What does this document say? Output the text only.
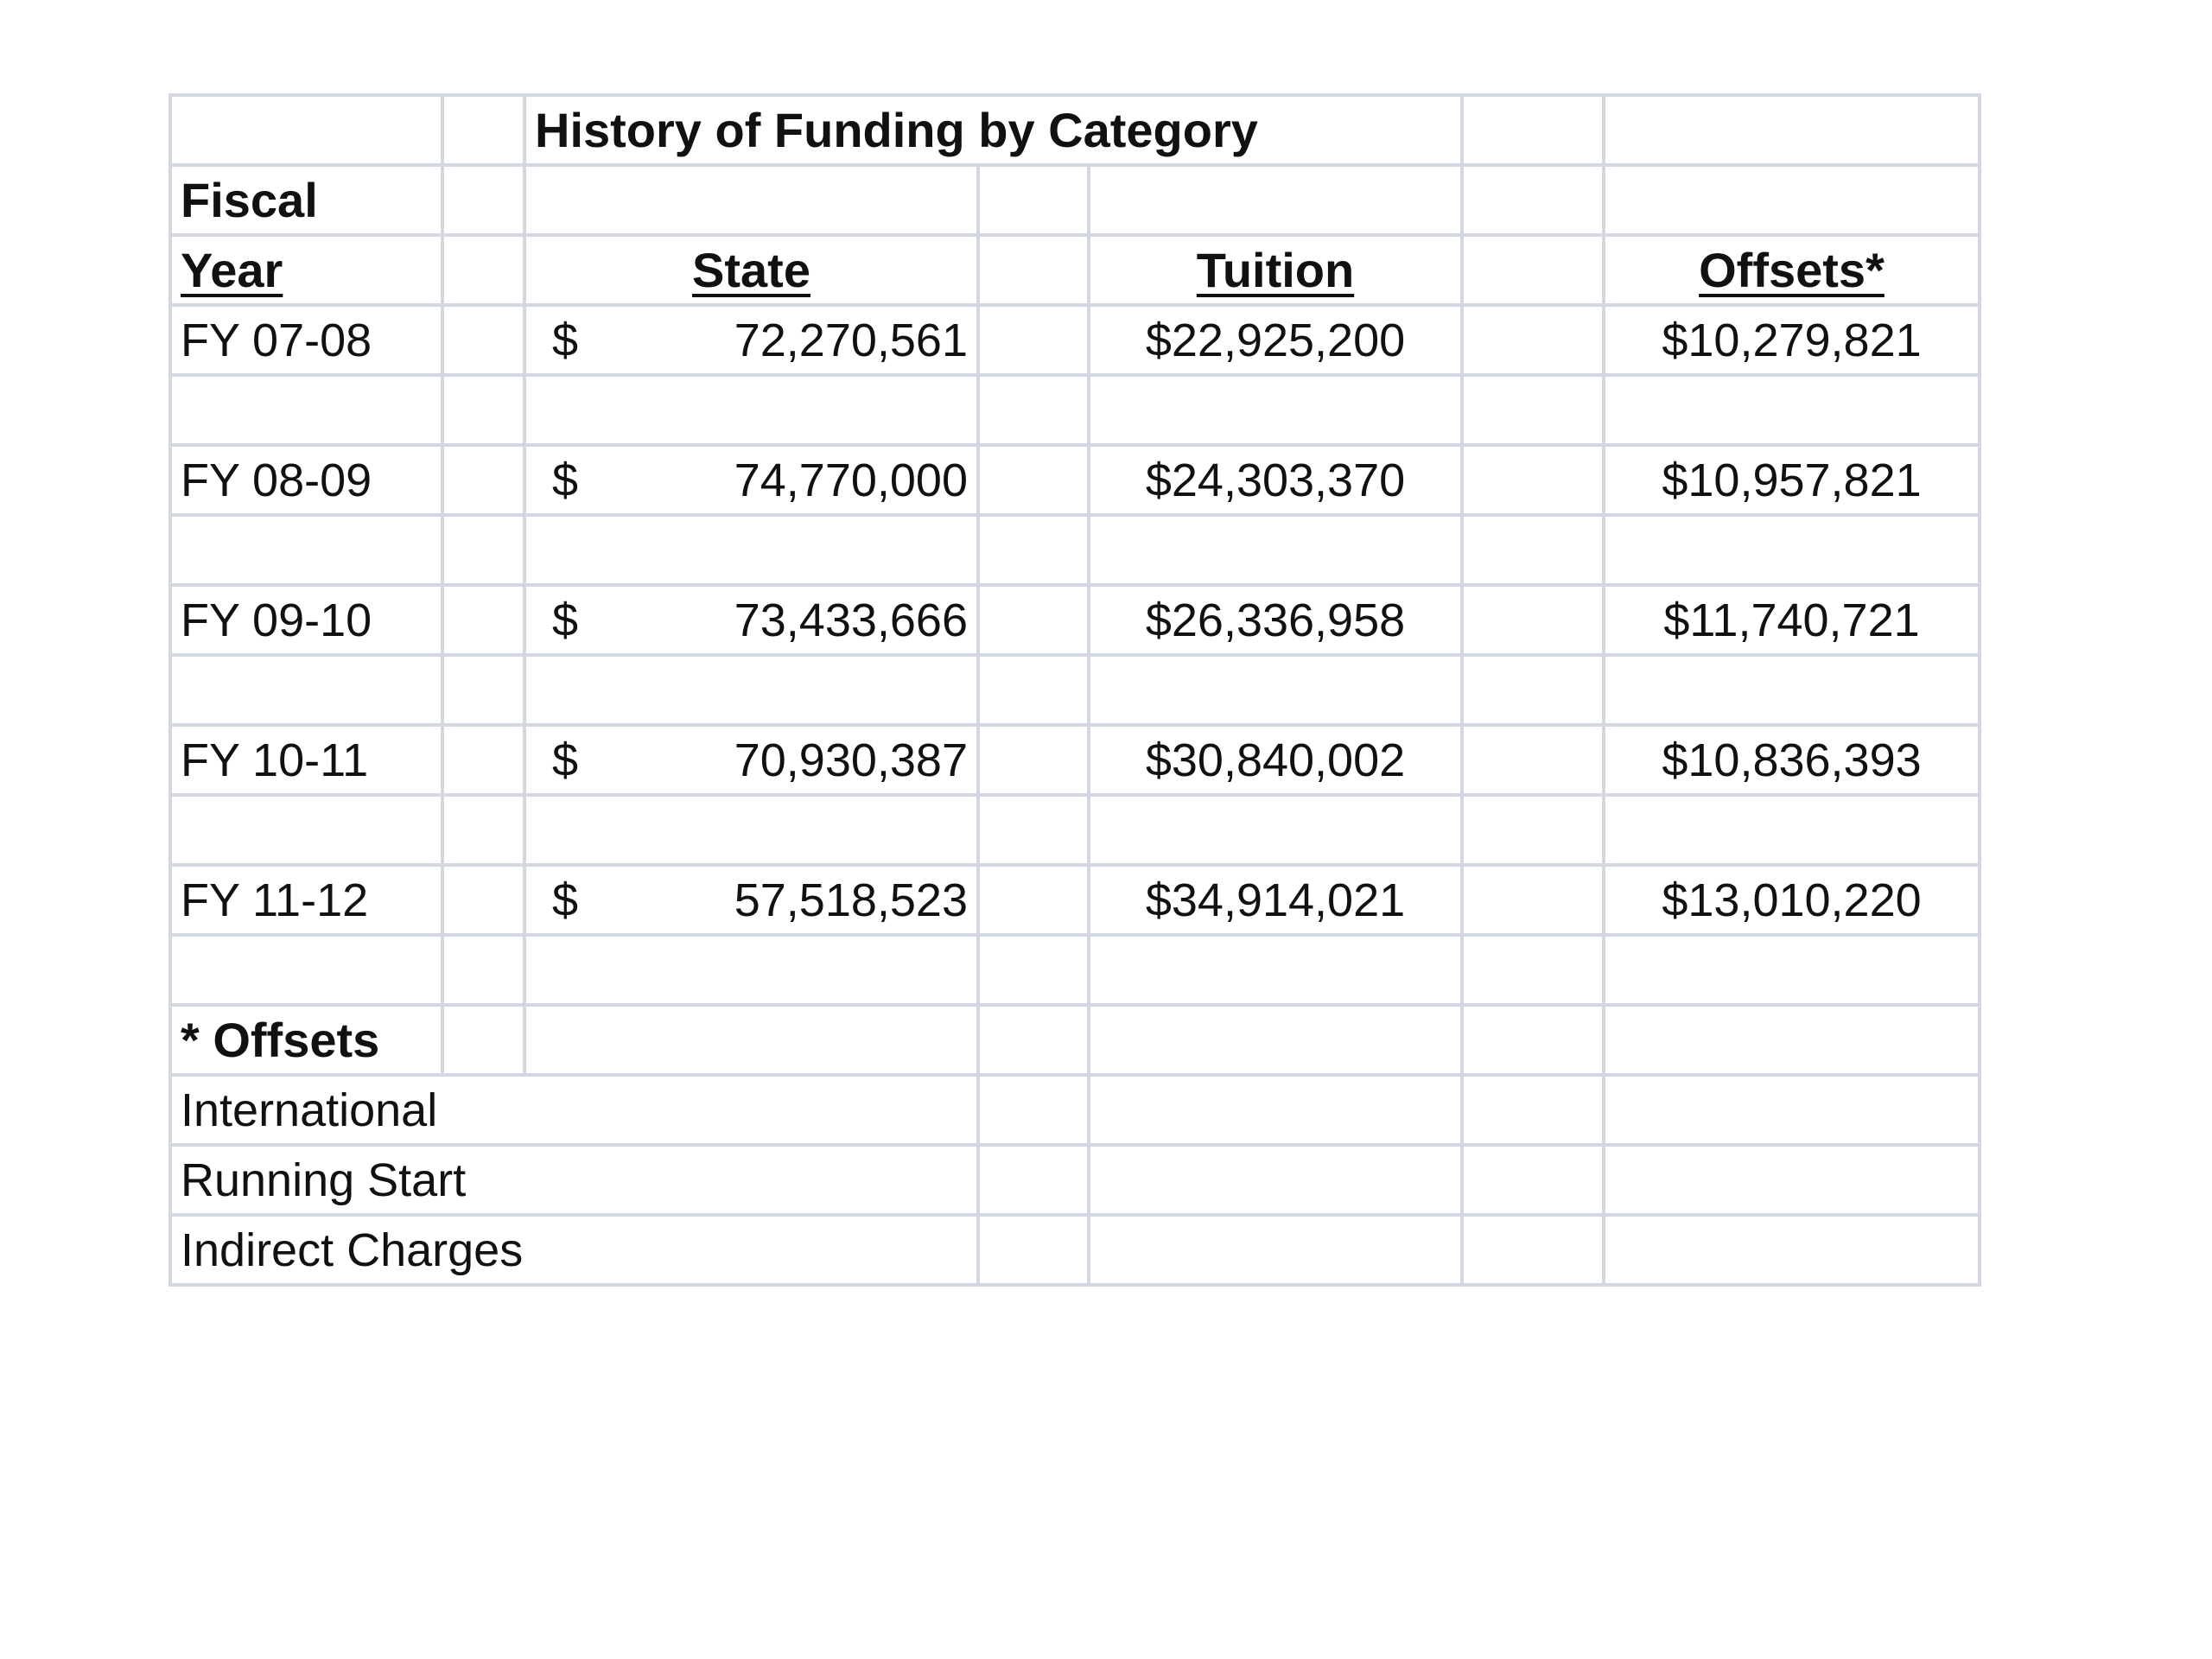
		History of Funding by Category				
Fiscal						
Year		State		Tuition		Offsets*
FY 07-08		$ 72,270,561		$22,925,200		$10,279,821

FY 08-09		$ 74,770,000		$24,303,370		$10,957,821

FY 09-10		$ 73,433,666		$26,336,958		$11,740,721

FY 10-11		$ 70,930,387		$30,840,002		$10,836,393

FY 11-12		$ 57,518,523		$34,914,021		$13,010,220

* Offsets						
International						
Running Start						
Indirect Charges						
